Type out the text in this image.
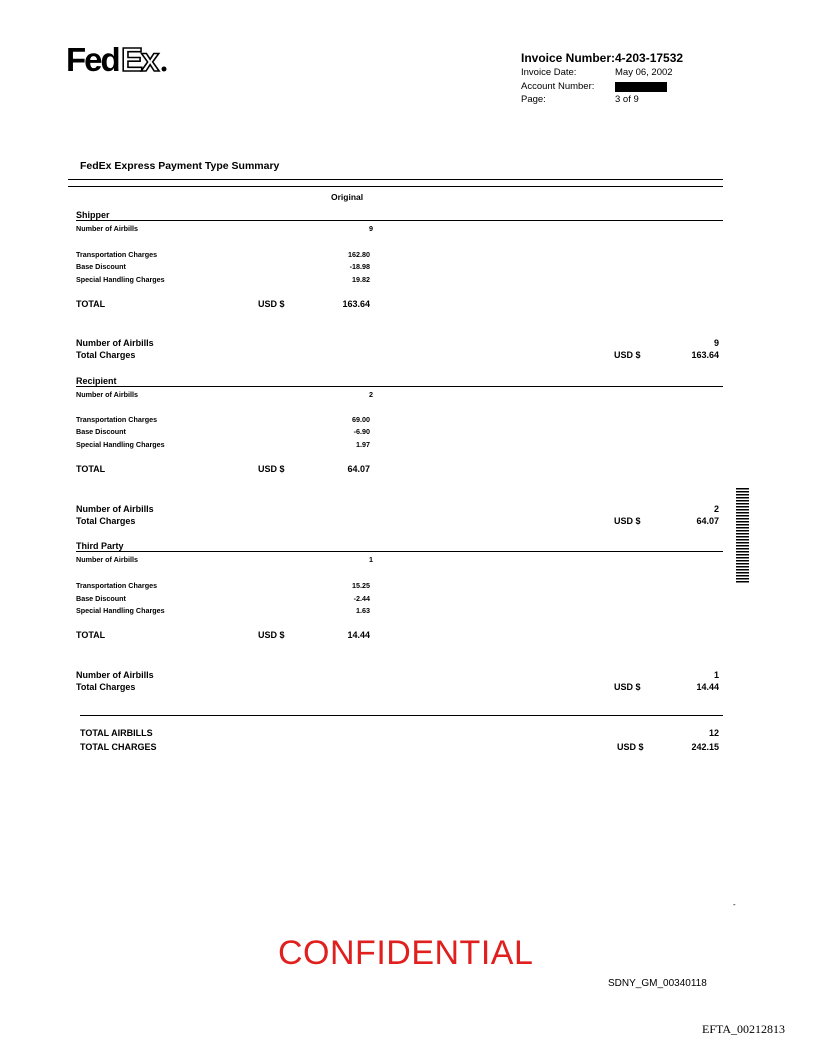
Fed Ex	Invoice Number: 4-203-17532
Invoice Date:	May 06, 2002
Account Number:
Page:	3 of 9
FedEx Express Payment Type Summary
Original
Shipper
Number of Airbills	9
Transportation Charges	162.80
Base Discount	-18.98
Special Handling Charges	19.82
TOTAL	USD $	163.64
Number of Airbills	9
Total Charges	USD $	163.64
Recipient
Number of Airbills	2
Transportation Charges	69.00
Base Discount	-6.90
Special Handling Charges	1.97
TOTAL	USD $	64.07
Number of Airbills	2
Total Charges	USD $	64.07
Third Party
Number of Airbills	1
Transportation Charges	15.25
Base Discount	-2.44
Special Handling Charges	1.63
TOTAL	USD $	14.44
Number of Airbills	1
Total Charges	USD $	14.44
TOTAL AIRBILLS	12
TOTAL CHARGES	USD $	242.15
-
CONFIDENTIAL
SDNY_GM_00340118
EFTA_00212813
